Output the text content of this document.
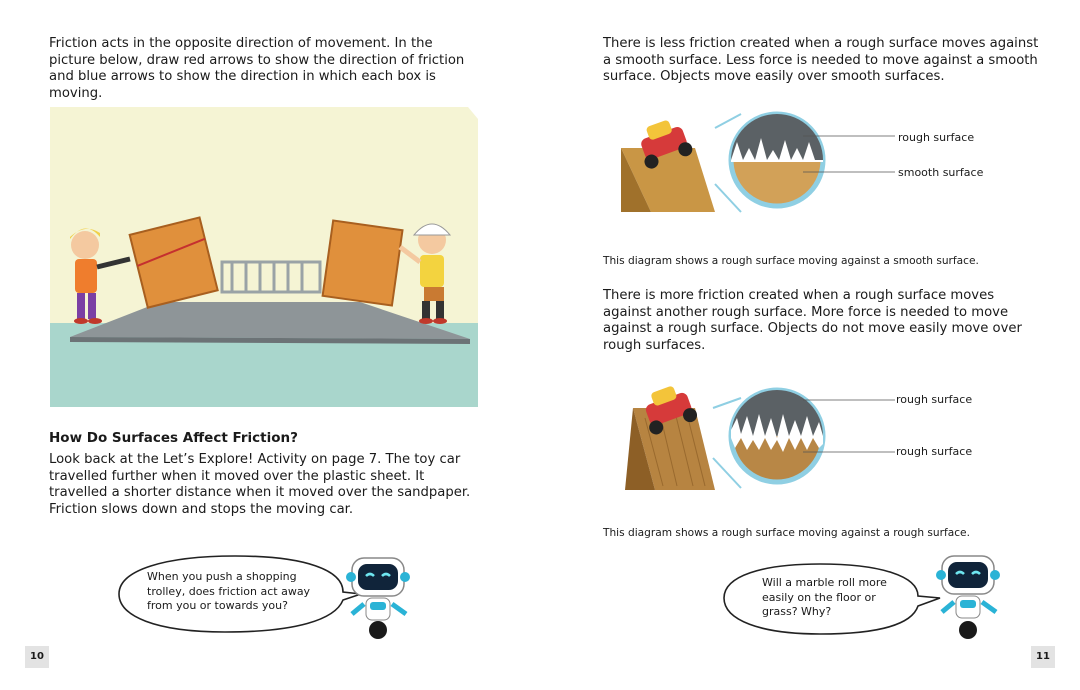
Friction acts in the opposite direction of movement. In the picture below, draw red arrows to show the direction of friction and blue arrows to show the direction in which each box is moving.

How Do Surfaces Affect Friction?

Look back at the Let’s Explore! Activity on page 7. The toy car travelled further when it moved over the plastic sheet. It travelled a shorter distance when it moved over the sandpaper. Friction slows down and stops the moving car.

When you push a shopping trolley, does friction act away from you or towards you?
10

There is less friction created when a rough surface moves against a smooth surface. Less force is needed to move against a smooth surface. Objects move easily over smooth surfaces.

rough surface
smooth surface

This diagram shows a rough surface moving against a smooth surface.

There is more friction created when a rough surface moves against another rough surface. More force is needed to move against a rough surface. Objects do not move easily move over rough surfaces.

rough surface
rough surface

This diagram shows a rough surface moving against a rough surface.

Will a marble roll more easily on the floor or grass? Why?
11
